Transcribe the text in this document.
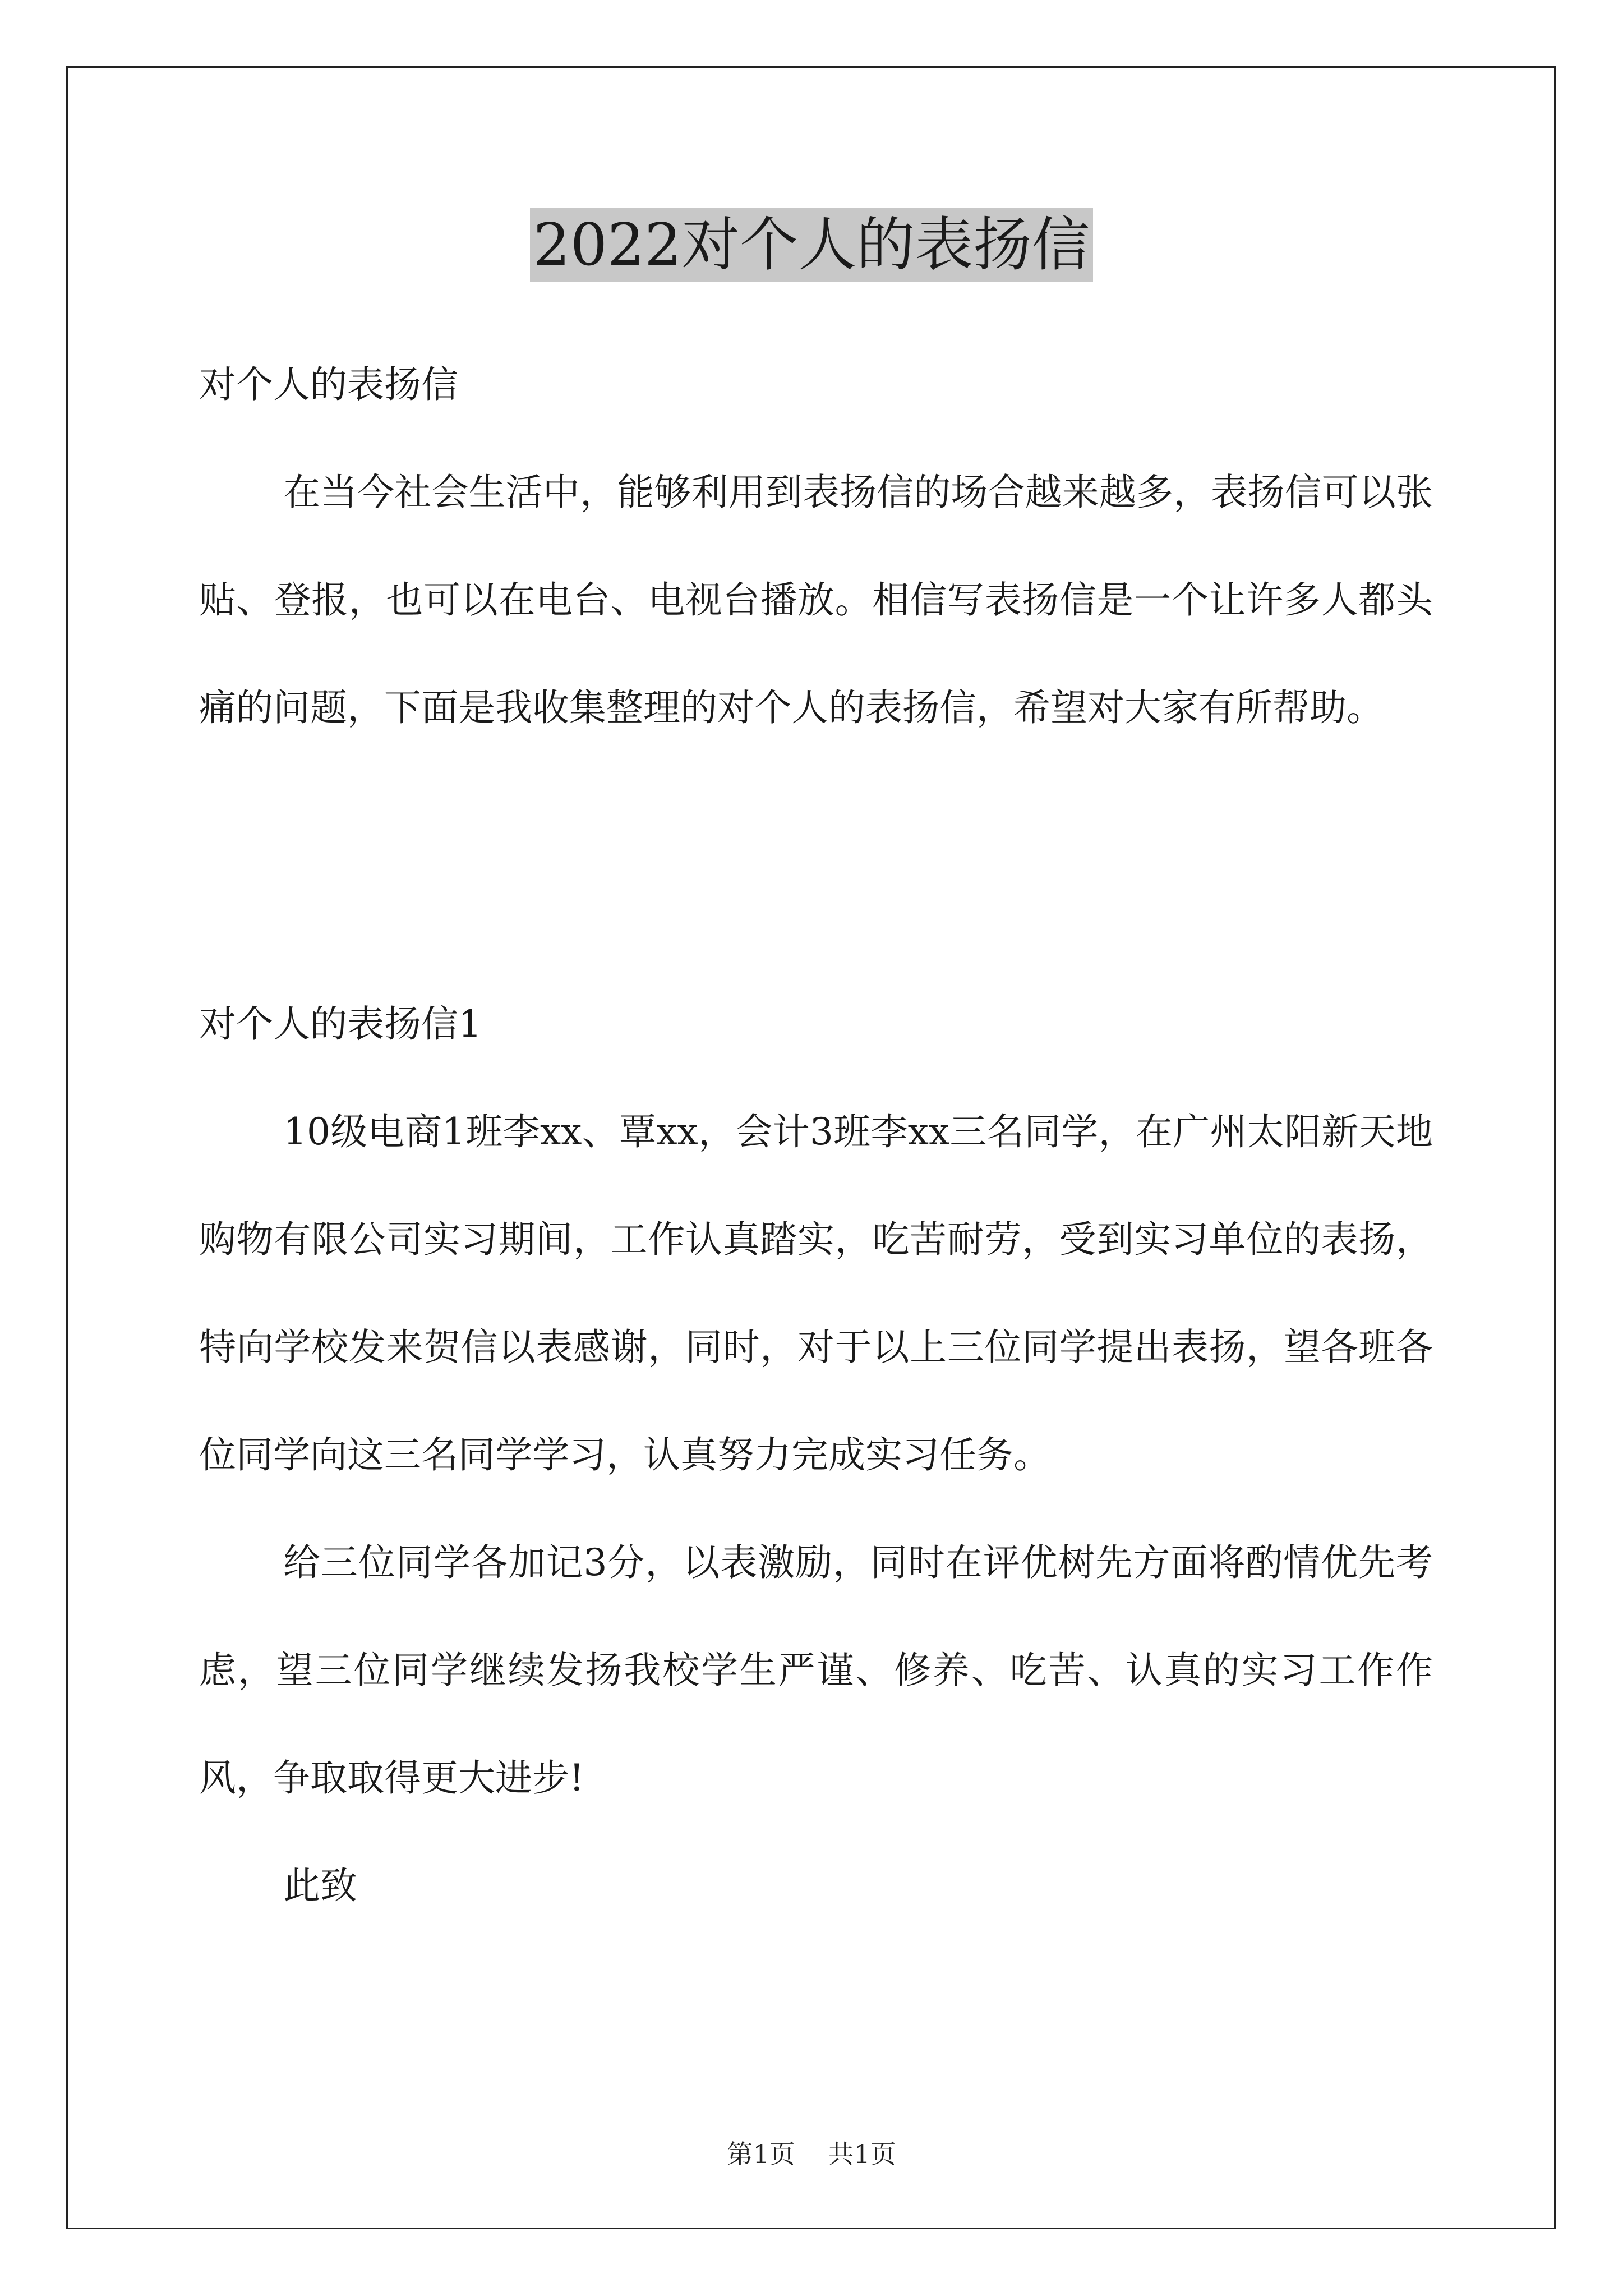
2022对个人的表扬信

对个人的表扬信

在当今社会生活中，能够利用到表扬信的场合越来越多，表扬信可以张贴、登报，也可以在电台、电视台播放。相信写表扬信是一个让许多人都头痛的问题，下面是我收集整理的对个人的表扬信，希望对大家有所帮助。

对个人的表扬信1

10级电商1班李xx、覃xx，会计3班李xx三名同学，在广州太阳新天地购物有限公司实习期间，工作认真踏实，吃苦耐劳，受到实习单位的表扬，特向学校发来贺信以表感谢，同时，对于以上三位同学提出表扬，望各班各位同学向这三名同学学习，认真努力完成实习任务。

给三位同学各加记3分，以表激励，同时在评优树先方面将酌情优先考虑，望三位同学继续发扬我校学生严谨、修养、吃苦、认真的实习工作作风，争取取得更大进步!

此致

第1页 共1页
